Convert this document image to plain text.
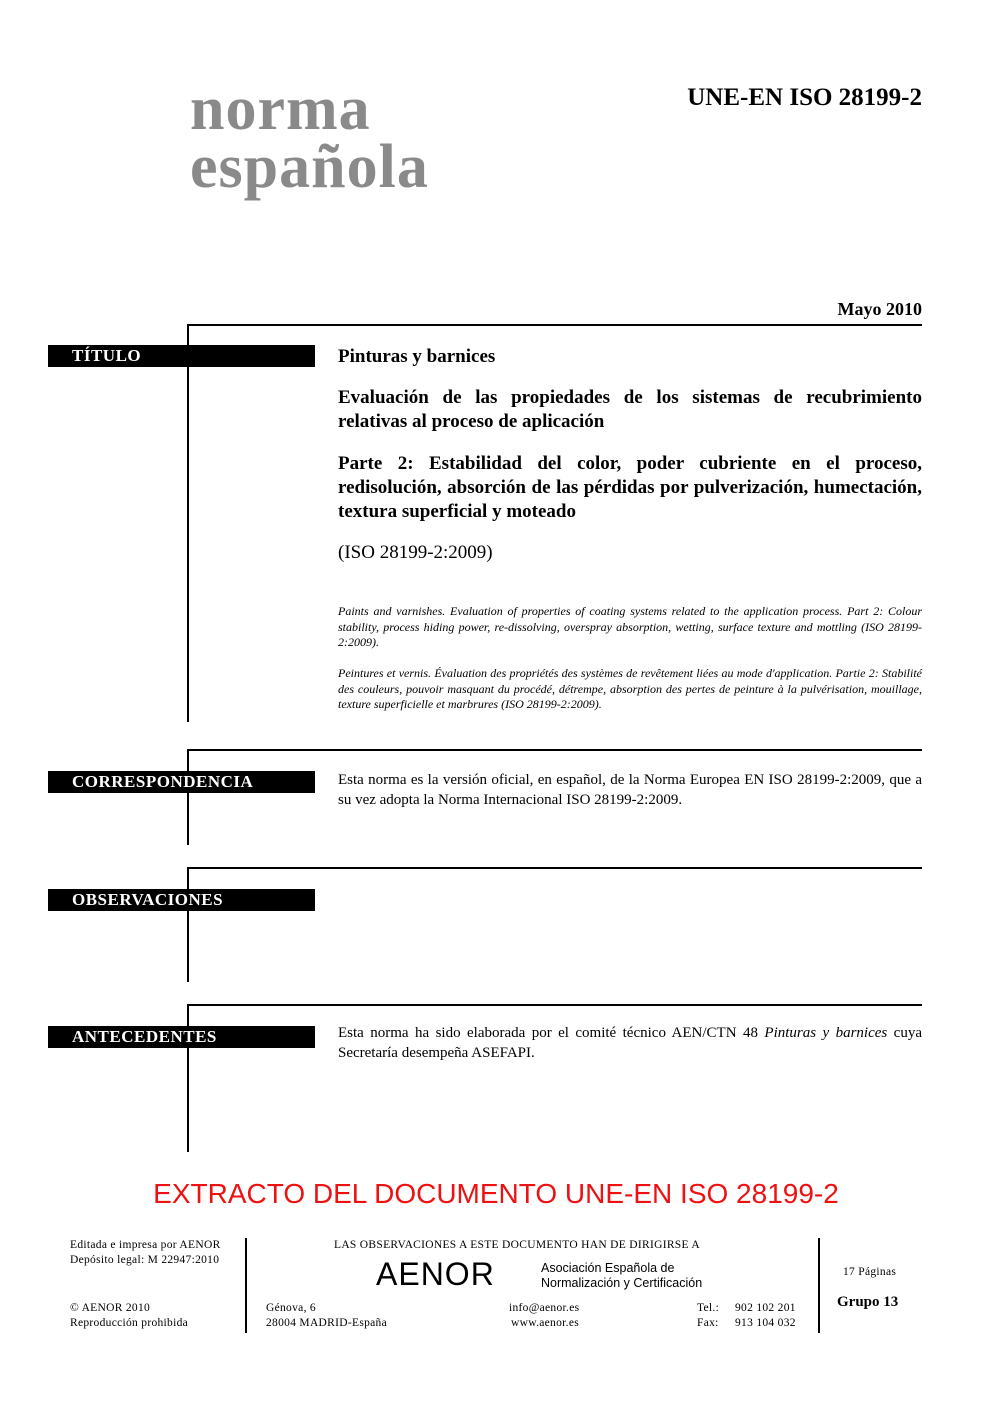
norma
española
UNE-EN ISO 28199-2
Mayo 2010
TÍTULO	Pinturas y barnices
Evaluación de las propiedades de los sistemas de recubrimiento relativas al proceso de aplicación
Parte 2: Estabilidad del color, poder cubriente en el proceso, redisolución, absorción de las pérdidas por pulverización, humectación, textura superficial y moteado
(ISO 28199-2:2009)
Paints and varnishes. Evaluation of properties of coating systems related to the application process. Part 2: Colour stability, process hiding power, re-dissolving, overspray absorption, wetting, surface texture and mottling (ISO 28199-2:2009).
Peintures et vernis. Évaluation des propriétés des systèmes de revêtement liées au mode d'application. Partie 2: Stabilité des couleurs, pouvoir masquant du procédé, détrempe, absorption des pertes de peinture à la pulvérisation, mouillage, texture superficielle et marbrures (ISO 28199-2:2009).
CORRESPONDENCIA	Esta norma es la versión oficial, en español, de la Norma Europea EN ISO 28199-2:2009, que a su vez adopta la Norma Internacional ISO 28199-2:2009.
OBSERVACIONES
ANTECEDENTES	Esta norma ha sido elaborada por el comité técnico AEN/CTN 48 Pinturas y barnices cuya Secretaría desempeña ASEFAPI.
EXTRACTO DEL DOCUMENTO UNE-EN ISO 28199-2
Editada e impresa por AENOR
Depósito legal: M 22947:2010
© AENOR 2010
Reproducción prohibida
LAS OBSERVACIONES A ESTE DOCUMENTO HAN DE DIRIGIRSE A
AENOR	Asociación Española de
Normalización y Certificación
Génova, 6
28004 MADRID-España
info@aenor.es
www.aenor.es
Tel.: 902 102 201
Fax: 913 104 032
17 Páginas
Grupo 13
